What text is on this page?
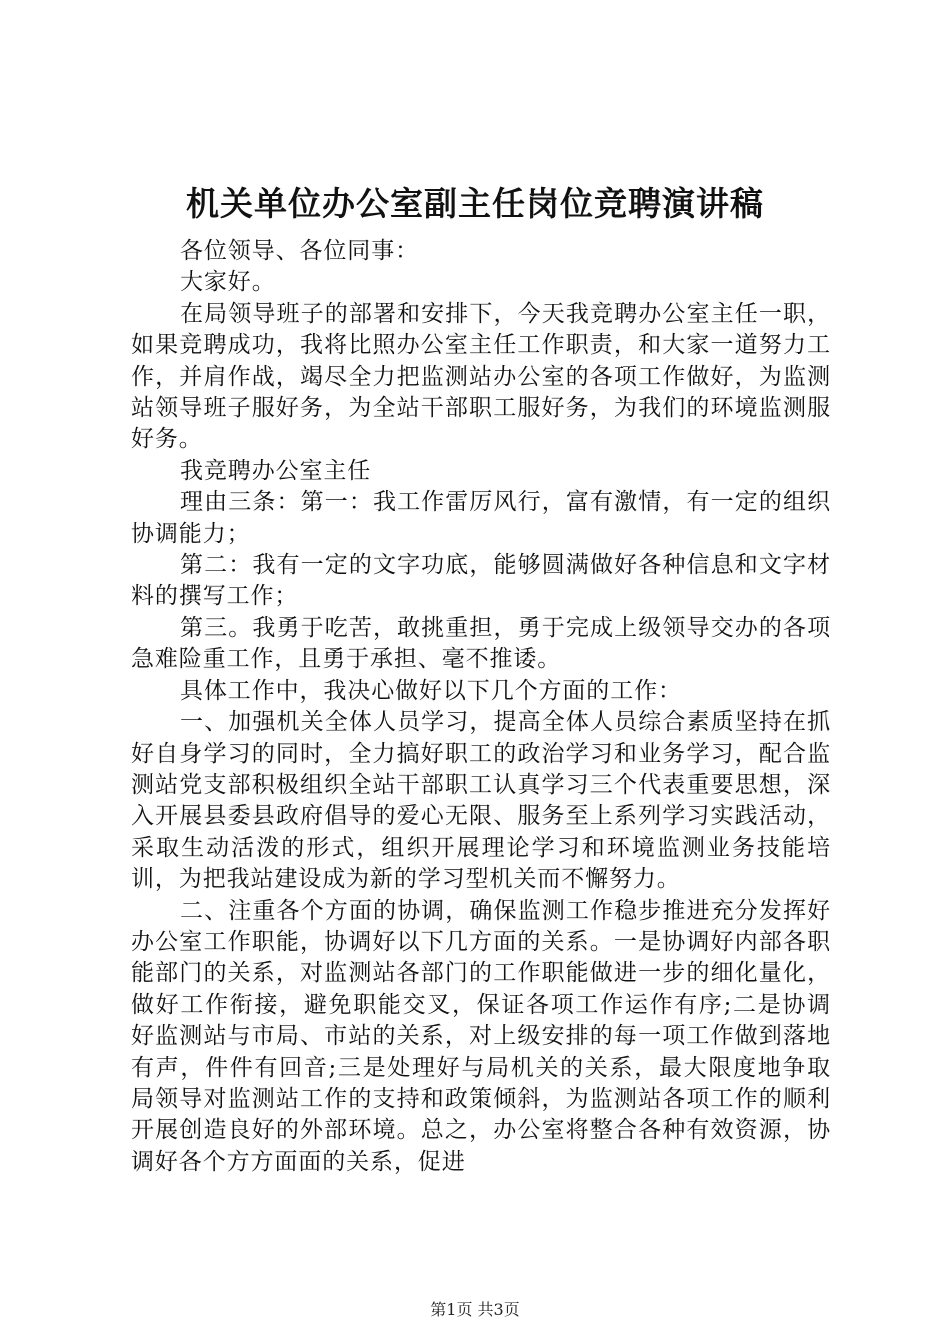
机关单位办公室副主任岗位竞聘演讲稿

各位领导、各位同事：

大家好。

在局领导班子的部署和安排下，今天我竞聘办公室主任一职，如果竞聘成功，我将比照办公室主任工作职责，和大家一道努力工作，并肩作战，竭尽全力把监测站办公室的各项工作做好，为监测站领导班子服好务，为全站干部职工服好务，为我们的环境监测服好务。

我竞聘办公室主任

理由三条：第一：我工作雷厉风行，富有激情，有一定的组织协调能力；

第二：我有一定的文字功底，能够圆满做好各种信息和文字材料的撰写工作；

第三。我勇于吃苦，敢挑重担，勇于完成上级领导交办的各项急难险重工作，且勇于承担、毫不推诿。

具体工作中，我决心做好以下几个方面的工作：

一、加强机关全体人员学习，提高全体人员综合素质坚持在抓好自身学习的同时，全力搞好职工的政治学习和业务学习，配合监测站党支部积极组织全站干部职工认真学习三个代表重要思想，深入开展县委县政府倡导的爱心无限、服务至上系列学习实践活动，采取生动活泼的形式，组织开展理论学习和环境监测业务技能培训，为把我站建设成为新的学习型机关而不懈努力。

二、注重各个方面的协调，确保监测工作稳步推进充分发挥好办公室工作职能，协调好以下几方面的关系。一是协调好内部各职能部门的关系，对监测站各部门的工作职能做进一步的细化量化，做好工作衔接，避免职能交叉，保证各项工作运作有序;二是协调好监测站与市局、市站的关系，对上级安排的每一项工作做到落地有声，件件有回音;三是处理好与局机关的关系，最大限度地争取局领导对监测站工作的支持和政策倾斜，为监测站各项工作的顺利开展创造良好的外部环境。总之，办公室将整合各种有效资源，协调好各个方方面面的关系，促进

第1页 共3页
